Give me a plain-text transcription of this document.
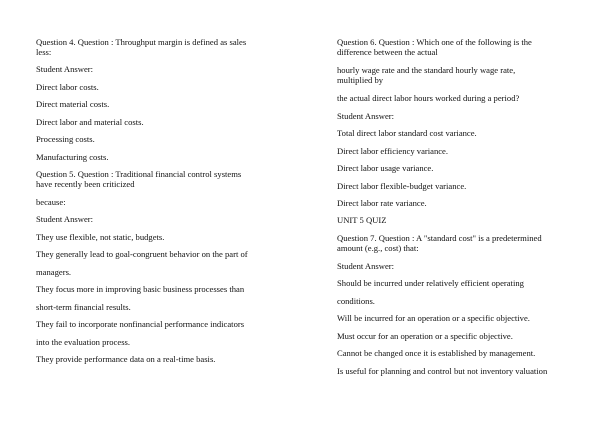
Question 4. Question : Throughput margin is defined as sales
less:
Student Answer:
Direct labor costs.
Direct material costs.
Direct labor and material costs.
Processing costs.
Manufacturing costs.
Question 5. Question : Traditional financial control systems
have recently been criticized
because:
Student Answer:
They use flexible, not static, budgets.
They generally lead to goal-congruent behavior on the part of
managers.
They focus more in improving basic business processes than
short-term financial results.
They fail to incorporate nonfinancial performance indicators
into the evaluation process.
They provide performance data on a real-time basis.
Question 6. Question : Which one of the following is the
difference between the actual
hourly wage rate and the standard hourly wage rate,
multiplied by
the actual direct labor hours worked during a period?
Student Answer:
Total direct labor standard cost variance.
Direct labor efficiency variance.
Direct labor usage variance.
Direct labor flexible-budget variance.
Direct labor rate variance.
UNIT 5 QUIZ
Question 7. Question : A "standard cost" is a predetermined
amount (e.g., cost) that:
Student Answer:
Should be incurred under relatively efficient operating
conditions.
Will be incurred for an operation or a specific objective.
Must occur for an operation or a specific objective.
Cannot be changed once it is established by management.
Is useful for planning and control but not inventory valuation
